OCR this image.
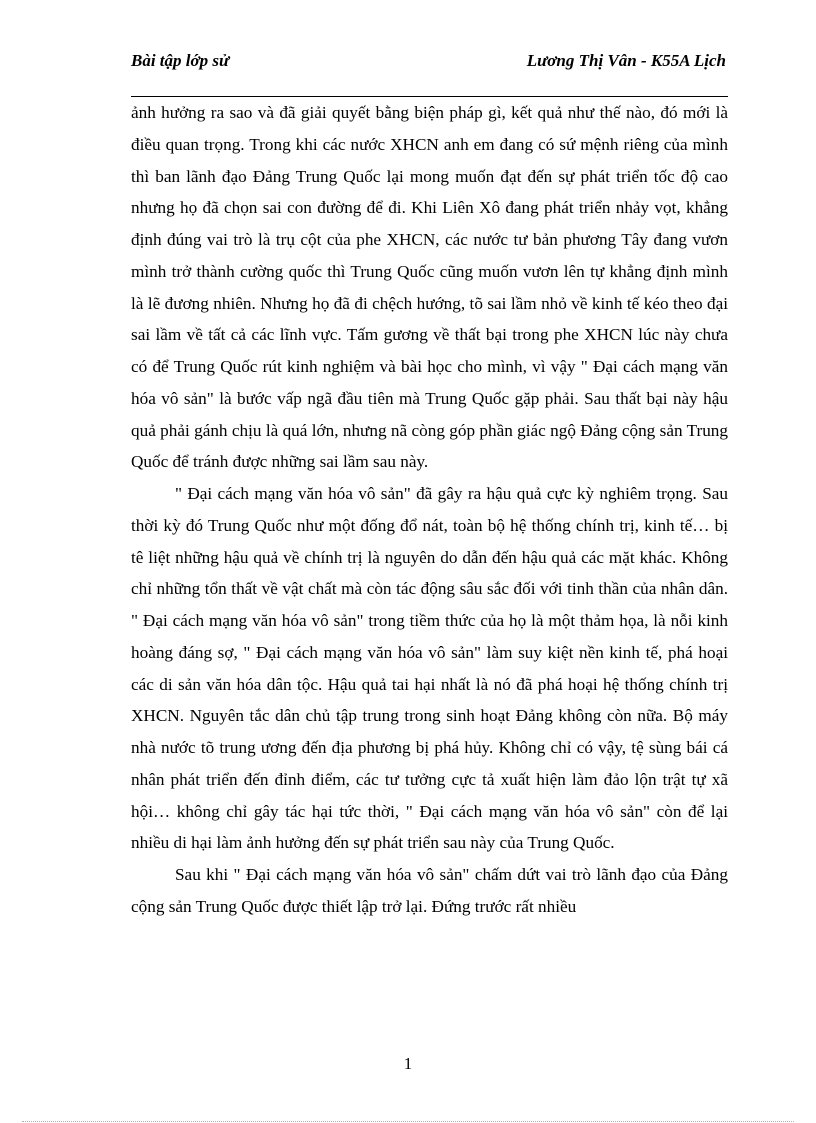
Bài tập lớp sử	Lương Thị Vân - K55A Lịch

ảnh hưởng ra sao và đã giải quyết bằng biện pháp gì, kết quả như thế nào, đó mới là điều quan trọng. Trong khi các nước XHCN anh em đang có sứ mệnh riêng của mình thì ban lãnh đạo Đảng Trung Quốc lại mong muốn đạt đến sự phát triển tốc độ cao nhưng họ đã chọn sai con đường để đi. Khi Liên Xô đang phát triển nhảy vọt, khẳng định đúng vai trò là trụ cột của phe XHCN, các nước tư bản phương Tây đang vươn mình trở thành cường quốc thì Trung Quốc cũng muốn vươn lên tự khẳng định mình là lẽ đương nhiên. Nhưng họ đã đi chệch hướng, tõ sai lầm nhỏ về kinh tế kéo theo đại sai lầm về tất cả các lĩnh vực. Tấm gương về thất bại trong phe XHCN lúc này chưa có để Trung Quốc rút kinh nghiệm và bài học cho mình, vì vậy " Đại cách mạng văn hóa vô sản" là bước vấp ngã đầu tiên mà Trung Quốc gặp phải. Sau thất bại này hậu quả phải gánh chịu là quá lớn, nhưng nã còng góp phần giác ngộ Đảng cộng sản Trung Quốc để tránh được những sai lầm sau này.

" Đại cách mạng văn hóa vô sản" đã gây ra hậu quả cực kỳ nghiêm trọng. Sau thời kỳ đó Trung Quốc như một đống đổ nát, toàn bộ hệ thống chính trị, kinh tế… bị tê liệt những hậu quả về chính trị là nguyên do dẫn đến hậu quả các mặt khác. Không chỉ những tổn thất về vật chất mà còn tác động sâu sắc đối với tinh thần của nhân dân. " Đại cách mạng văn hóa vô sản" trong tiềm thức của họ là một thảm họa, là nỗi kinh hoàng đáng sợ, " Đại cách mạng văn hóa vô sản" làm suy kiệt nền kinh tế, phá hoại các di sản văn hóa dân tộc. Hậu quả tai hại nhất là nó đã phá hoại hệ thống chính trị XHCN. Nguyên tắc dân chủ tập trung trong sinh hoạt Đảng không còn nữa. Bộ máy nhà nước tõ trung ương đến địa phương bị phá hủy. Không chỉ có vậy, tệ sùng bái cá nhân phát triển đến đỉnh điểm, các tư tưởng cực tả xuất hiện làm đảo lộn trật tự xã hội… không chỉ gây tác hại tức thời, " Đại cách mạng văn hóa vô sản" còn để lại nhiều di hại làm ảnh hưởng đến sự phát triển sau này của Trung Quốc.

Sau khi " Đại cách mạng văn hóa vô sản" chấm dứt vai trò lãnh đạo của Đảng cộng sản Trung Quốc được thiết lập trở lại. Đứng trước rất nhiều

1
